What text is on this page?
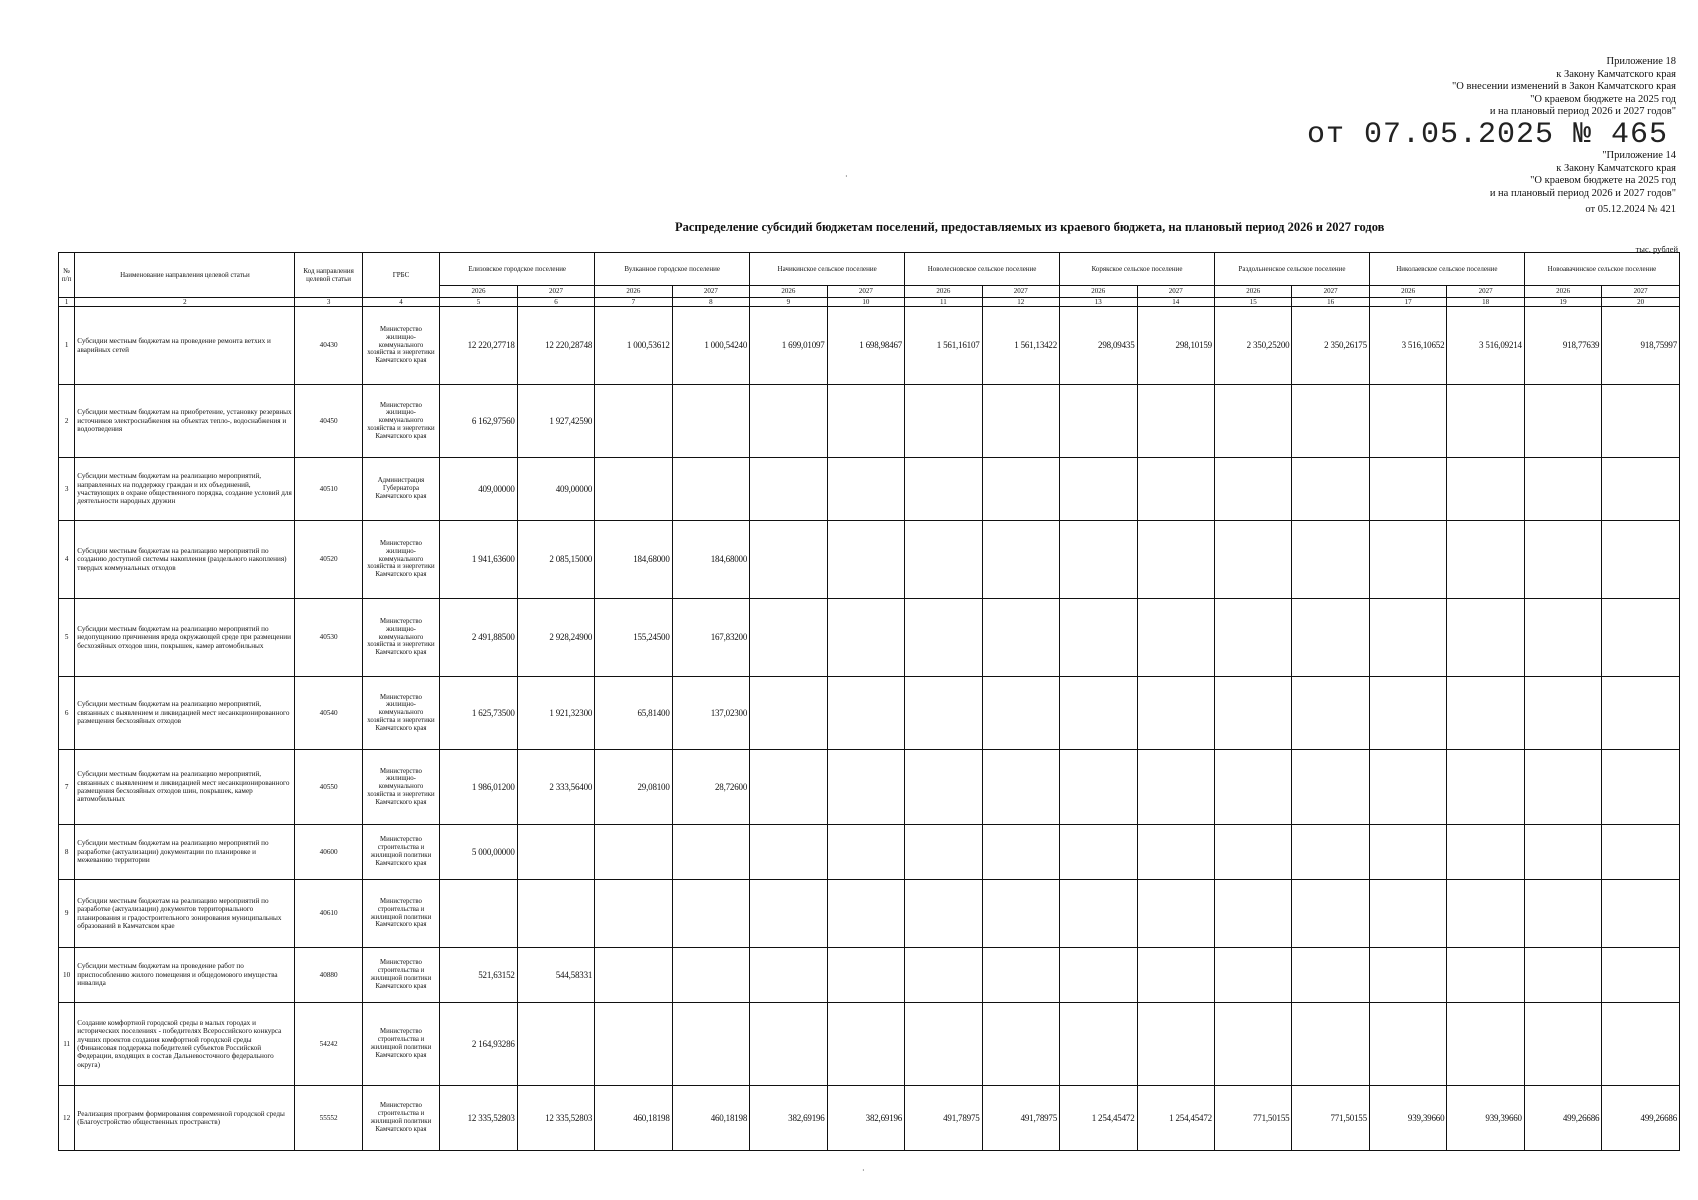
Приложение 18
к Закону Камчатского края
"О внесении изменений в Закон Камчатского края
"О краевом бюджете на 2025 год
и на плановый период 2026 и 2027 годов"
от 07.05.2025 № 465
"Приложение 14
к Закону Камчатского края
"О краевом бюджете на 2025 год
и на плановый период 2026 и 2027 годов"
от 05.12.2024 № 421
·
Распределение субсидий бюджетам поселений, предоставляемых из краевого бюджета, на плановый период 2026 и 2027 годов
тыс. рублей
№ п/п	Наименование направления целевой статьи	Код направления целевой статьи	ГРБС	Елизовское городское поселение		Вулканное городское поселение		Начикинское сельское поселение		Новолесновское сельское поселение		Корякское сельское поселение		Раздольненское сельское поселение		Николаевское сельское поселение		Новоавачинское сельское поселение	
				2026	2027	2026	2027	2026	2027	2026	2027	2026	2027	2026	2027	2026	2027	2026	2027
1	2	3	4	5	6	7	8	9	10	11	12	13	14	15	16	17	18	19	20
1	Субсидии местным бюджетам на проведение ремонта ветхих и аварийных сетей	40430	Министерство жилищно-коммунального хозяйства и энергетики Камчатского края	12 220,27718	12 220,28748	1 000,53612	1 000,54240	1 699,01097	1 698,98467	1 561,16107	1 561,13422	298,09435	298,10159	2 350,25200	2 350,26175	3 516,10652	3 516,09214	918,77639	918,75997
2	Субсидии местным бюджетам на приобретение, установку резервных источников электроснабжения на объектах тепло-, водоснабжения и водоотведения	40450	Министерство жилищно-коммунального хозяйства и энергетики Камчатского края	6 162,97560	1 927,42590														
3	Субсидии местным бюджетам на реализацию мероприятий, направленных на поддержку граждан и их объединений, участвующих в охране общественного порядка, создание условий для деятельности народных дружин	40510	Администрация Губернатора Камчатского края	409,00000	409,00000														
4	Субсидии местным бюджетам на реализацию мероприятий по созданию доступной системы накопления (раздельного накопления) твердых коммунальных отходов	40520	Министерство жилищно-коммунального хозяйства и энергетики Камчатского края	1 941,63600	2 085,15000	184,68000	184,68000												
5	Субсидии местным бюджетам на реализацию мероприятий по недопущению причинения вреда окружающей среде при размещении бесхозяйных отходов шин, покрышек, камер автомобильных	40530	Министерство жилищно-коммунального хозяйства и энергетики Камчатского края	2 491,88500	2 928,24900	155,24500	167,83200												
6	Субсидии местным бюджетам на реализацию мероприятий, связанных с выявлением и ликвидацией мест несанкционированного размещения бесхозяйных отходов	40540	Министерство жилищно-коммунального хозяйства и энергетики Камчатского края	1 625,73500	1 921,32300	65,81400	137,02300												
7	Субсидии местным бюджетам на реализацию мероприятий, связанных с выявлением и ликвидацией мест несанкционированного размещения бесхозяйных отходов шин, покрышек, камер автомобильных	40550	Министерство жилищно-коммунального хозяйства и энергетики Камчатского края	1 986,01200	2 333,56400	29,08100	28,72600												
8	Субсидии местным бюджетам на реализацию мероприятий по разработке (актуализации) документации по планировке и межеванию территории	40600	Министерство строительства и жилищной политики Камчатского края	5 000,00000															
9	Субсидии местным бюджетам на реализацию мероприятий по разработке (актуализации) документов территориального планирования и градостроительного зонирования муниципальных образований в Камчатском крае	40610	Министерство строительства и жилищной политики Камчатского края																
10	Субсидии местным бюджетам на проведение работ по приспособлению жилого помещения и общедомового имущества инвалида	40880	Министерство строительства и жилищной политики Камчатского края	521,63152	544,58331														
11	Создание комфортной городской среды в малых городах и исторических поселениях - победителях Всероссийского конкурса лучших проектов создания комфортной городской среды (Финансовая поддержка победителей субъектов Российской Федерации, входящих в состав Дальневосточного федерального округа)	54242	Министерство строительства и жилищной политики Камчатского края	2 164,93286															
12	Реализация программ формирования современной городской среды (Благоустройство общественных пространств)	55552	Министерство строительства и жилищной политики Камчатского края	12 335,52803	12 335,52803	460,18198	460,18198	382,69196	382,69196	491,78975	491,78975	1 254,45472	1 254,45472	771,50155	771,50155	939,39660	939,39660	499,26686	499,26686
·
